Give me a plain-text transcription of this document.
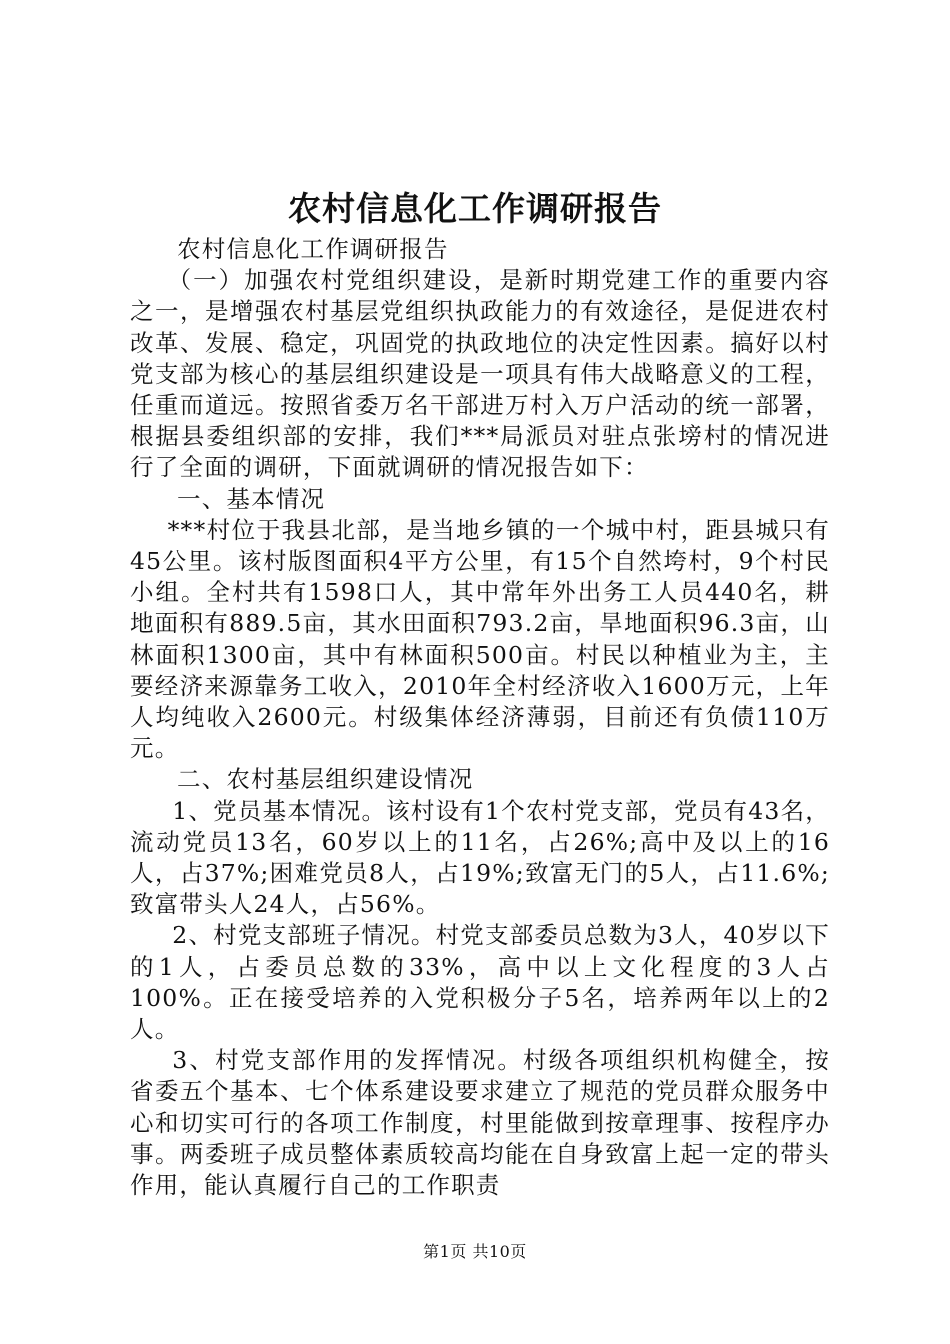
农村信息化工作调研报告

农村信息化工作调研报告

（一）加强农村党组织建设，是新时期党建工作的重要内容之一，是增强农村基层党组织执政能力的有效途径，是促进农村改革、发展、稳定，巩固党的执政地位的决定性因素。搞好以村党支部为核心的基层组织建设是一项具有伟大战略意义的工程，任重而道远。按照省委万名干部进万村入万户活动的统一部署，根据县委组织部的安排，我们***局派员对驻点张塝村的情况进行了全面的调研，下面就调研的情况报告如下：

一、基本情况

***村位于我县北部，是当地乡镇的一个城中村，距县城只有45公里。该村版图面积4平方公里，有15个自然垮村，9个村民小组。全村共有1598口人，其中常年外出务工人员440名，耕地面积有889.5亩，其水田面积793.2亩，旱地面积96.3亩，山林面积1300亩，其中有林面积500亩。村民以种植业为主，主要经济来源靠务工收入，2010年全村经济收入1600万元，上年人均纯收入2600元。村级集体经济薄弱，目前还有负债110万元。

二、农村基层组织建设情况

1、党员基本情况。该村设有1个农村党支部，党员有43名，流动党员13名，60岁以上的11名，占26%;高中及以上的16人，占37%;困难党员8人，占19%;致富无门的5人，占11.6%;致富带头人24人，占56%。

2、村党支部班子情况。村党支部委员总数为3人，40岁以下的1人，占委员总数的33%，高中以上文化程度的3人占100%。正在接受培养的入党积极分子5名，培养两年以上的2人。

3、村党支部作用的发挥情况。村级各项组织机构健全，按省委五个基本、七个体系建设要求建立了规范的党员群众服务中心和切实可行的各项工作制度，村里能做到按章理事、按程序办事。两委班子成员整体素质较高均能在自身致富上起一定的带头作用，能认真履行自己的工作职责

第1页 共10页
